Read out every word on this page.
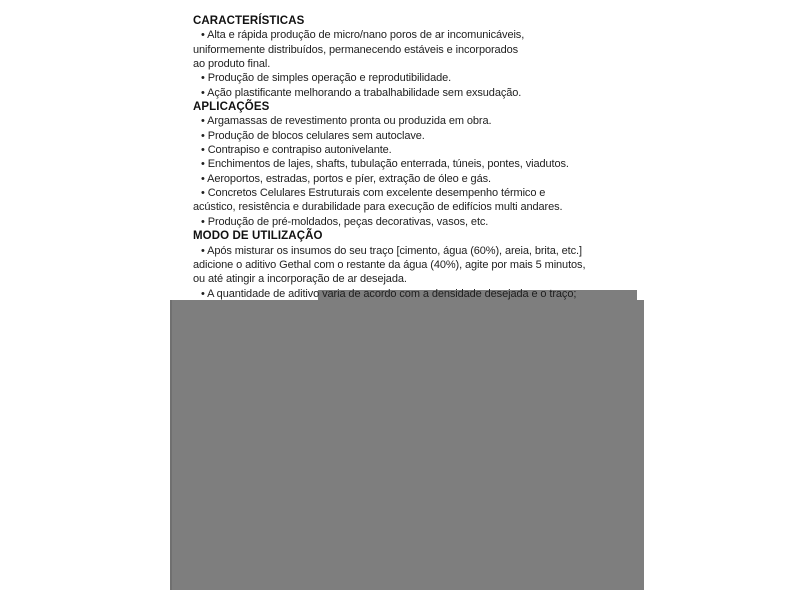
CARACTERÍSTICAS
• Alta e rápida produção de micro/nano poros de ar incomunicáveis,
uniformemente distribuídos, permanecendo estáveis e incorporados
ao produto final.
• Produção de simples operação e reprodutibilidade.
• Ação plastificante melhorando a trabalhabilidade sem exsudação.
APLICAÇÕES
• Argamassas de revestimento pronta ou produzida em obra.
• Produção de blocos celulares sem autoclave.
• Contrapiso e contrapiso autonivelante.
• Enchimentos de lajes, shafts, tubulação enterrada, túneis, pontes, viadutos.
• Aeroportos, estradas, portos e píer, extração de óleo e gás.
• Concretos Celulares Estruturais com excelente desempenho térmico e
acústico, resistência e durabilidade para execução de edifícios multi andares.
• Produção de pré-moldados, peças decorativas, vasos, etc.
MODO DE UTILIZAÇÃO
• Após misturar os insumos do seu traço [cimento, água (60%), areia, brita, etc.]
adicione o aditivo Gethal com o restante da água (40%), agite por mais 5 minutos,
ou até atingir a incorporação de ar desejada.
• A quantidade de aditivo varia de acordo com a densidade desejada e o traço;
